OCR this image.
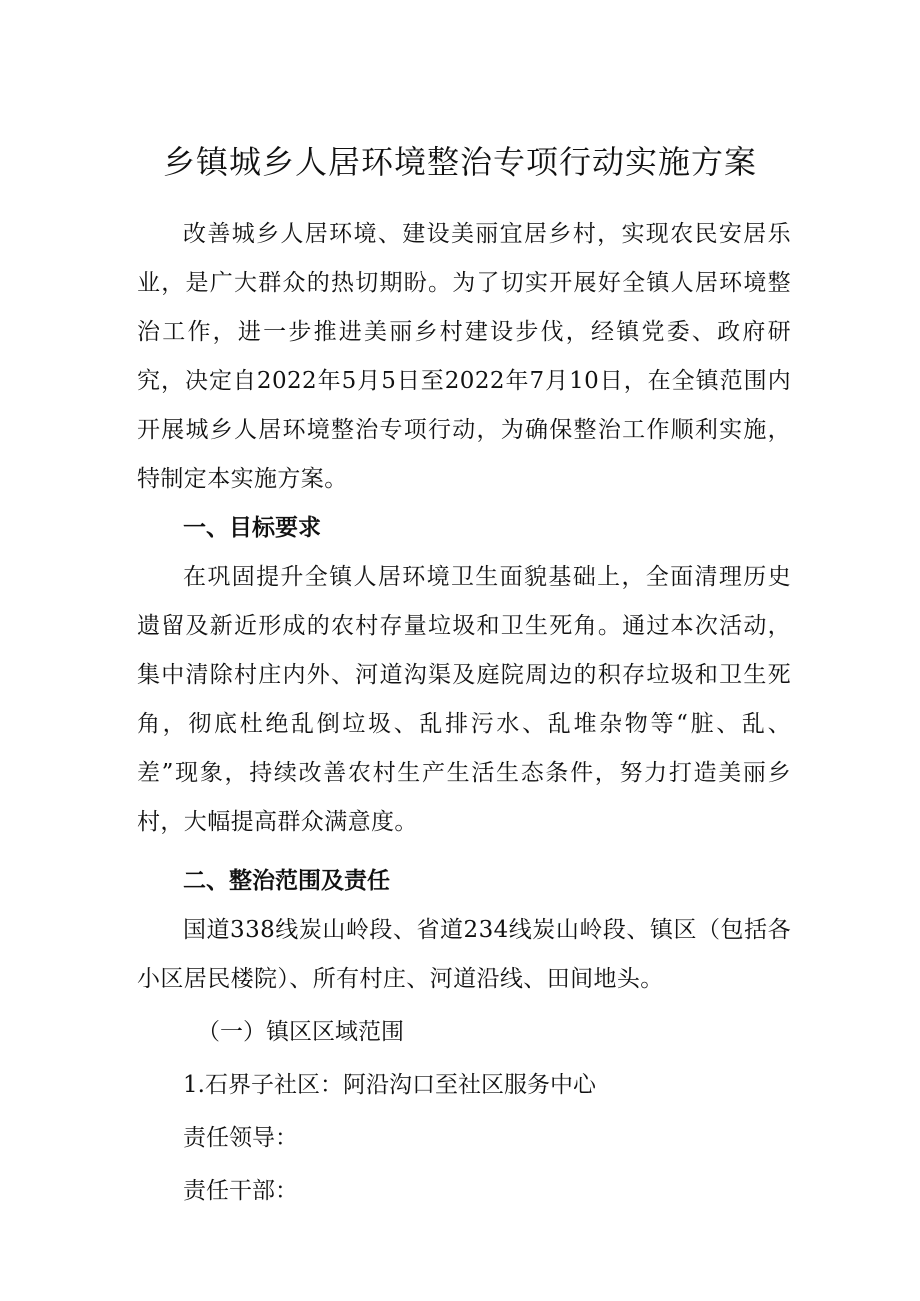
乡镇城乡人居环境整治专项行动实施方案

改善城乡人居环境、建设美丽宜居乡村，实现农民安居乐业，是广大群众的热切期盼。为了切实开展好全镇人居环境整治工作，进一步推进美丽乡村建设步伐，经镇党委、政府研究，决定自2022年5月5日至2022年7月10日，在全镇范围内开展城乡人居环境整治专项行动，为确保整治工作顺利实施，特制定本实施方案。

一、目标要求

在巩固提升全镇人居环境卫生面貌基础上，全面清理历史遗留及新近形成的农村存量垃圾和卫生死角。通过本次活动，集中清除村庄内外、河道沟渠及庭院周边的积存垃圾和卫生死角，彻底杜绝乱倒垃圾、乱排污水、乱堆杂物等“脏、乱、差”现象，持续改善农村生产生活生态条件，努力打造美丽乡村，大幅提高群众满意度。

二、整治范围及责任

国道338线炭山岭段、省道234线炭山岭段、镇区（包括各小区居民楼院）、所有村庄、河道沿线、田间地头。

（一）镇区区域范围

1.石界子社区：阿沿沟口至社区服务中心

责任领导：

责任干部：
